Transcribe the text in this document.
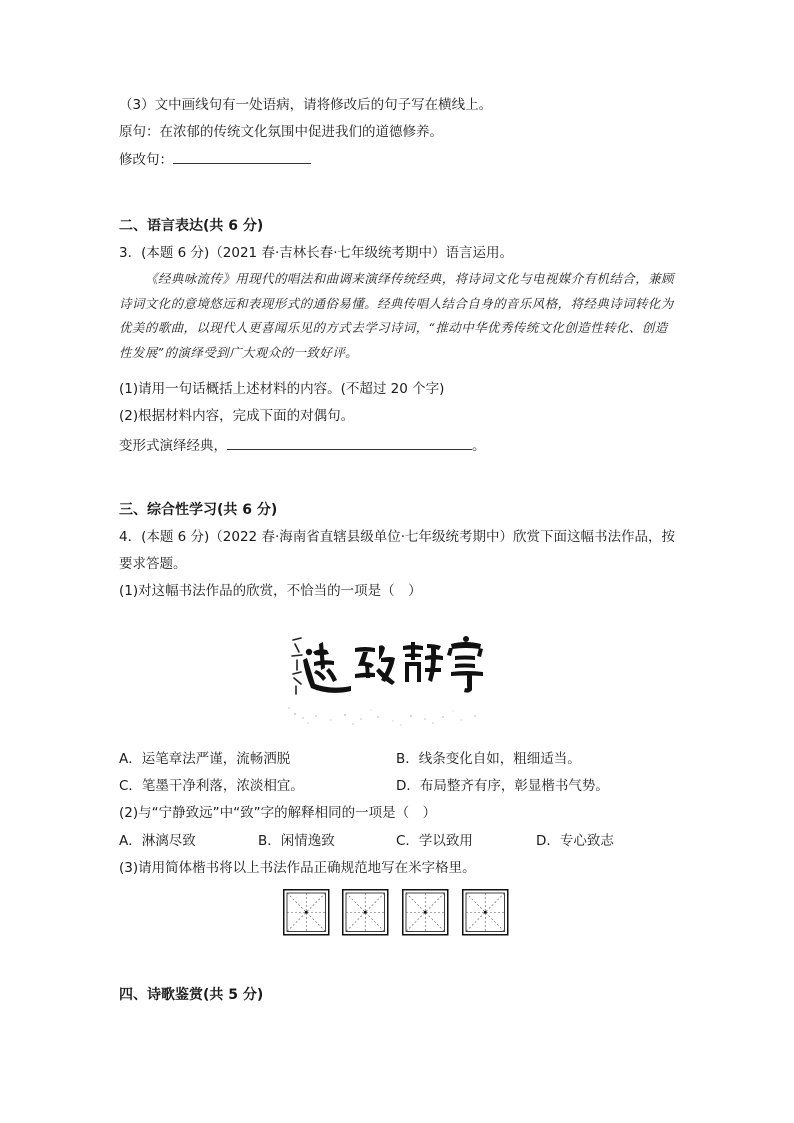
（3）文中画线句有一处语病，请将修改后的句子写在横线上。
原句：在浓郁的传统文化氛围中促进我们的道德修养。
修改句：
二、语言表达(共 6 分)
3．(本题 6 分)（2021 春·吉林长春·七年级统考期中）语言运用。
《经典咏流传》用现代的唱法和曲调来演绎传统经典，将诗词文化与电视媒介有机结合，兼顾诗词文化的意境悠远和表现形式的通俗易懂。经典传唱人结合自身的音乐风格，将经典诗词转化为优美的歌曲，以现代人更喜闻乐见的方式去学习诗词，“推动中华优秀传统文化创造性转化、创造性发展”的演绎受到广大观众的一致好评。
(1)请用一句话概括上述材料的内容。(不超过 20 个字)
(2)根据材料内容，完成下面的对偶句。
变形式演绎经典，	。
三、综合性学习(共 6 分)
4．(本题 6 分)（2022 春·海南省直辖县级单位·七年级统考期中）欣赏下面这幅书法作品，按
要求答题。
(1)对这幅书法作品的欣赏，不恰当的一项是（　）
A．运笔章法严谨，流畅洒脱	B．线条变化自如，粗细适当。
C．笔墨干净利落，浓淡相宜。	D．布局整齐有序，彰显楷书气势。
(2)与“宁静致远”中“致”字的解释相同的一项是（　）
A．淋漓尽致	B．闲情逸致	C．学以致用	D．专心致志
(3)请用简体楷书将以上书法作品正确规范地写在米字格里。
四、诗歌鉴赏(共 5 分)
